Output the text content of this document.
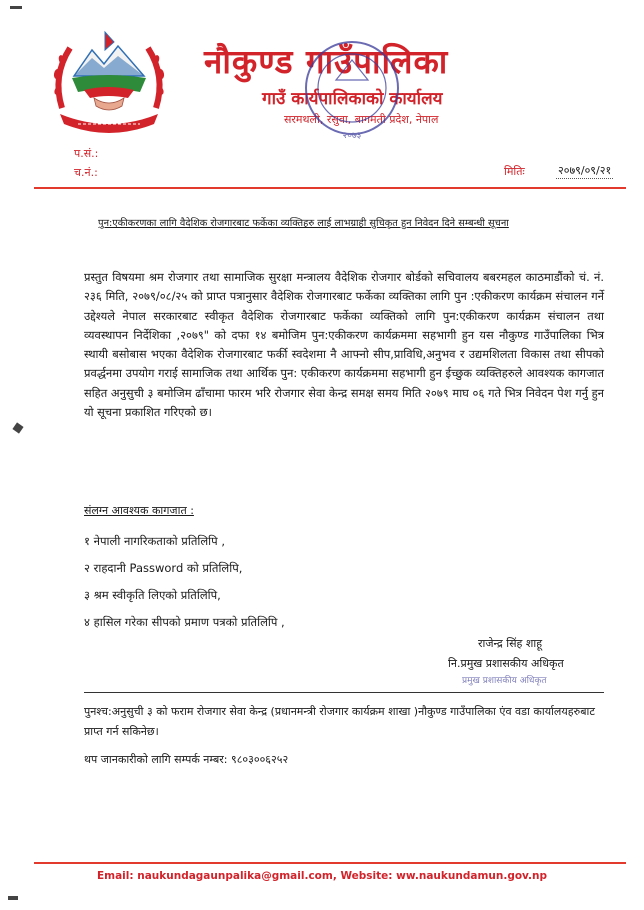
नौकुण्ड गाउँपालिका
गाउँ कार्यपालिकाको कार्यालय
सरमथली, रसुवा, बागमती प्रदेश, नेपाल
२०७३
प.सं.:
च.नं.:	मितिः	२०७९/०९/२१
पुन:एकीकरणका लागि वैदेशिक रोजगारबाट फर्केका व्यक्तिहरु लाई लाभग्राही सुचिकृत हुन निवेदन दिने सम्बन्धी सूचना
प्रस्तुत विषयमा श्रम रोजगार तथा सामाजिक सुरक्षा मन्त्रालय वैदेशिक रोजगार बोर्डको सचिवालय बबरमहल काठमाडौंको चं. नं. २३६ मिति, २०७९/०८/२५ को प्राप्त पत्रानुसार वैदेशिक रोजगारबाट फर्केका व्यक्तिका लागि पुन :एकीकरण कार्यक्रम संचालन गर्ने उद्देश्यले नेपाल सरकारबाट स्वीकृत वैदेशिक रोजगारबाट फर्केका व्यक्तिको लागि पुन:एकीकरण कार्यक्रम संचालन तथा व्यवस्थापन निर्देशिका ,२०७९" को दफा १४ बमोजिम पुन:एकीकरण कार्यक्रममा सहभागी हुन यस नौकुण्ड गाउँपालिका भित्र स्थायी बसोबास भएका वैदेशिक रोजगारबाट फर्की स्वदेशमा नै आफ्नो सीप,प्राविधि,अनुभव र उद्यमशिलता विकास तथा सीपको प्रवर्द्धनमा उपयोग गराई सामाजिक तथा आर्थिक पुन: एकीकरण कार्यक्रममा सहभागी हुन ईच्छुक व्यक्तिहरुले आवश्यक कागजात सहित अनुसुची ३ बमोजिम ढाँचामा फारम भरि रोजगार सेवा केन्द्र समक्ष समय मिति २०७९ माघ ०६ गते भित्र निवेदन पेश गर्नु हुन यो सूचना प्रकाशित गरिएको छ।
संलग्न आवश्यक कागजात :
१ नेपाली नागरिकताको प्रतिलिपि ,
२ राहदानी Password को प्रतिलिपि,
३ श्रम स्वीकृति लिएको प्रतिलिपि,
४ हासिल गरेका सीपको प्रमाण पत्रको प्रतिलिपि ,
राजेन्द्र सिंह शाहू
नि.प्रमुख प्रशासकीय अधिकृत
प्रमुख प्रशासकीय अधिकृत
पुनश्च:अनुसुची ३ को फराम रोजगार सेवा केन्द्र (प्रधानमन्त्री रोजगार कार्यक्रम शाखा )नौकुण्ड गाउँपालिका एंव वडा कार्यालयहरुबाट प्राप्त गर्न सकिनेछ।
थप जानकारीको लागि सम्पर्क नम्बर: ९८०३००६२५२
Email: naukundagaunpalika@gmail.com, Website: ww.naukundamun.gov.np
